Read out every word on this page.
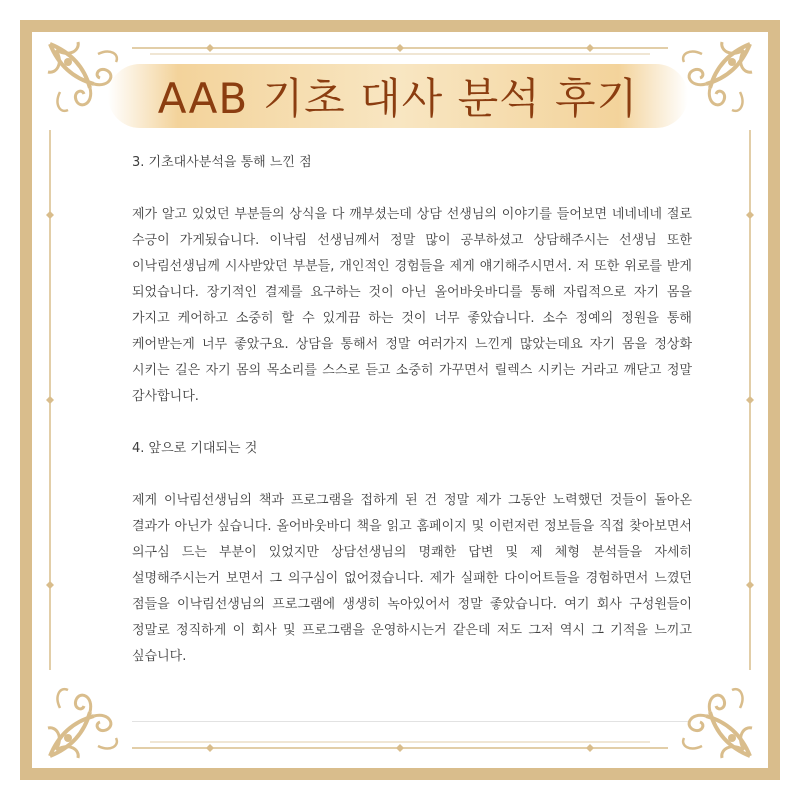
AAB 기초 대사 분석 후기

3. 기초대사분석을 통해 느낀 점

제가 알고 있었던 부분들의 상식을 다 깨부셨는데 상담 선생님의 이야기를 들어보면 네네네네 절로 수긍이 가게됬습니다. 이낙림 선생님께서 정말 많이 공부하셨고 상담해주시는 선생님 또한 이낙림선생님께 시사받았던 부분들, 개인적인 경험들을 제게 얘기해주시면서. 저 또한 위로를 받게 되었습니다. 장기적인 결제를 요구하는 것이 아닌 올어바웃바디를 통해 자립적으로 자기 몸을 가지고 케어하고 소중히 할 수 있게끔 하는 것이 너무 좋았습니다. 소수 정예의 정원을 통해 케어받는게 너무 좋았구요. 상담을 통해서 정말 여러가지 느낀게 많았는데요 자기 몸을 정상화 시키는 길은 자기 몸의 목소리를 스스로 듣고 소중히 가꾸면서 릴렉스 시키는 거라고 깨닫고 정말 감사합니다.

4. 앞으로 기대되는 것

제게 이낙림선생님의 책과 프로그램을 접하게 된 건 정말 제가 그동안 노력했던 것들이 돌아온 결과가 아닌가 싶습니다. 올어바웃바디 책을 읽고 홈페이지 및 이런저런 정보들을 직접 찾아보면서 의구심 드는 부분이 있었지만 상담선생님의 명쾌한 답변 및 제 체형 분석들을 자세히 설명해주시는거 보면서 그 의구심이 없어졌습니다. 제가 실패한 다이어트들을 경험하면서 느꼈던 점들을 이낙림선생님의 프로그램에 생생히 녹아있어서 정말 좋았습니다. 여기 회사 구성원들이 정말로 정직하게 이 회사 및 프로그램을 운영하시는거 같은데 저도 그저 역시 그 기적을 느끼고 싶습니다.
